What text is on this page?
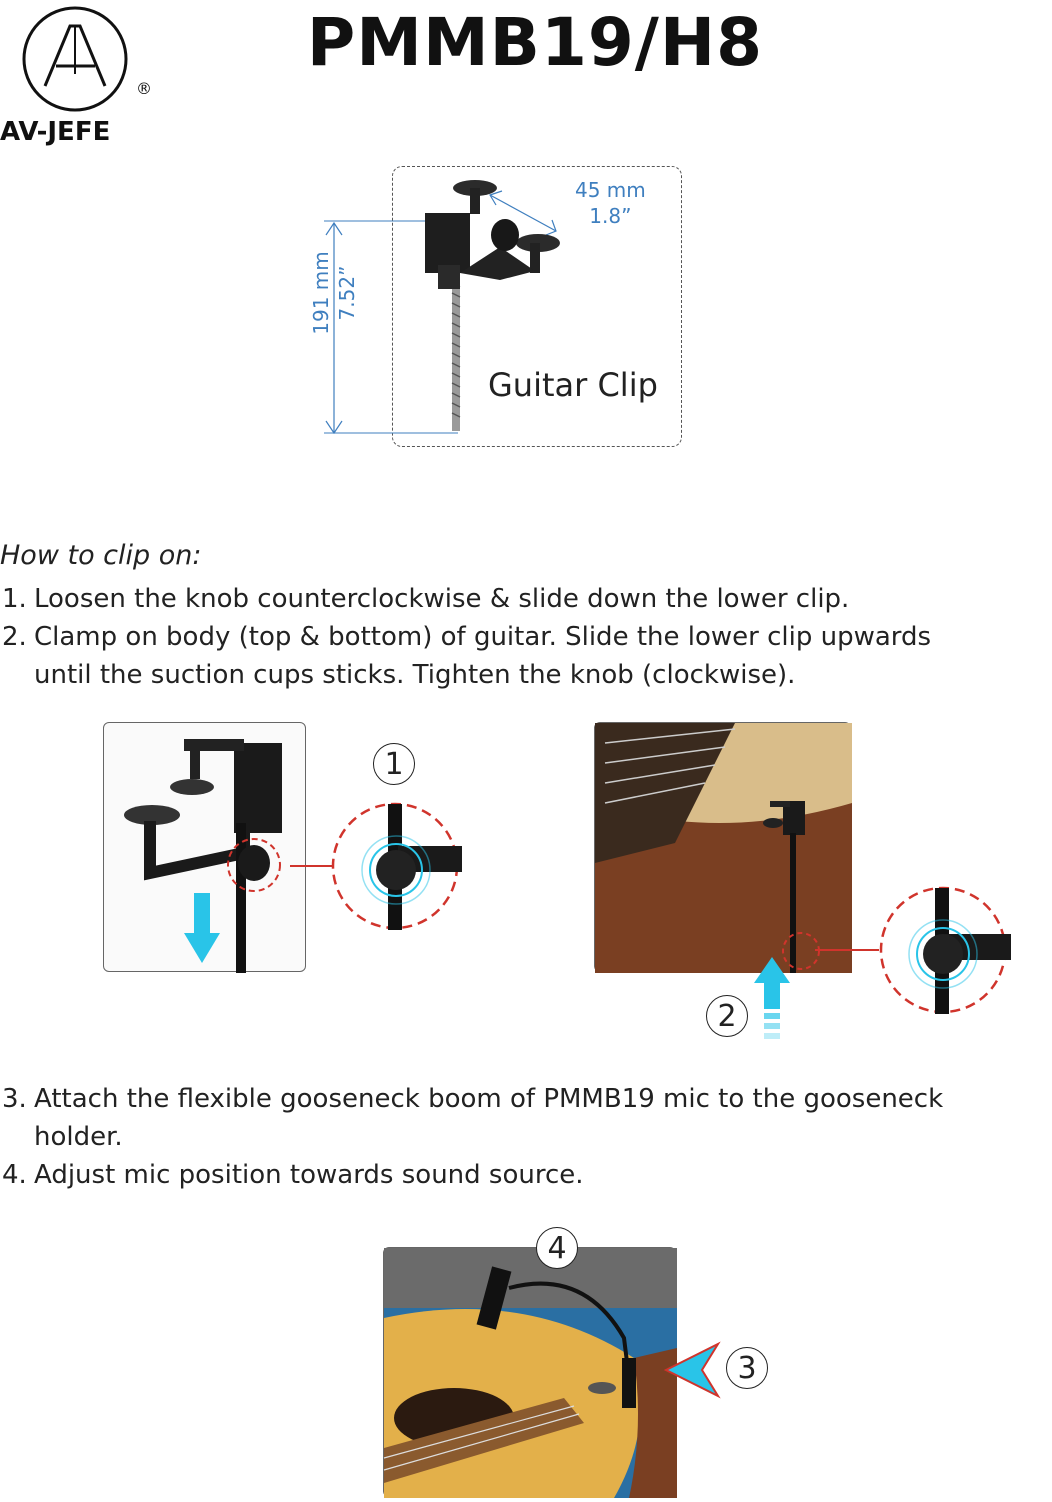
®
AV-JEFE
PMMB19/H8
Guitar Clip
45 mm
1.8”
191 mm 7.52”
How to clip on:
1. Loosen the knob counterclockwise & slide down the lower clip.
2. Clamp on body (top & bottom) of guitar. Slide the lower clip upwards
until the suction cups sticks. Tighten the knob (clockwise).
1
2
3. Attach the flexible gooseneck boom of PMMB19 mic to the gooseneck
holder.
4. Adjust mic position towards sound source.
3
4
